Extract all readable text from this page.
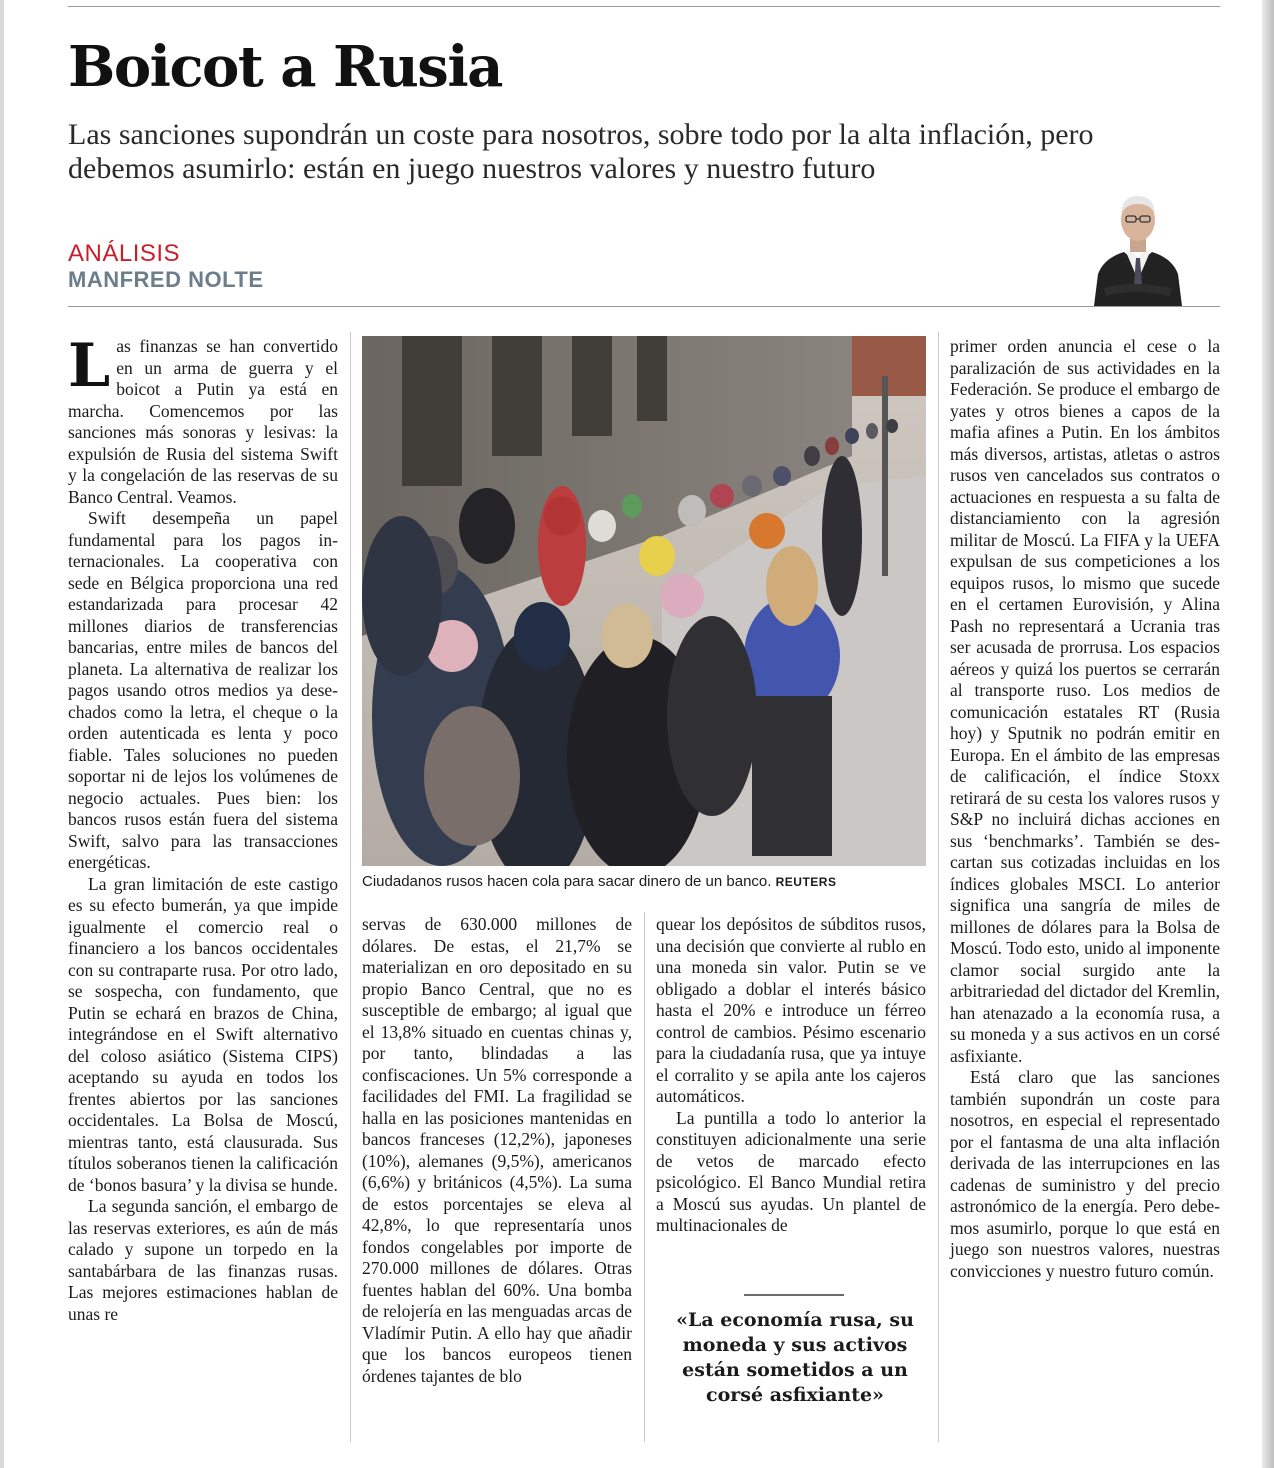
Boicot a Rusia

Las sanciones supondrán un coste para nosotros, sobre todo por la alta inflación, pero debemos asumirlo: están en juego nuestros valores y nuestro futuro

ANÁLISIS
MANFRED NOLTE

Las finanzas se han convertido en un arma de guerra y el boicot a Putin ya está en marcha. Comencemos por las sanciones más sonoras y lesivas: la expulsión de Rusia del sistema Swift y la congelación de las reservas de su Banco Central. Veamos.

Swift desempeña un papel fundamental para los pagos internacionales. La cooperativa con sede en Bélgica proporciona una red estandarizada para procesar 42 millones diarios de transferencias bancarias, entre miles de bancos del planeta. La alternativa de realizar los pagos usando otros medios ya desechados como la letra, el cheque o la orden autenticada es lenta y poco fiable. Tales soluciones no pueden soportar ni de lejos los volúmenes de negocio actuales. Pues bien: los bancos rusos están fuera del sistema Swift, salvo para las transacciones energéticas.

La gran limitación de este castigo es su efecto bumerán, ya que impide igualmente el comercio real o financiero a los bancos occidentales con su contraparte rusa. Por otro lado, se sospecha, con fundamento, que Putin se echará en brazos de China, integrándose en el Swift alternativo del coloso asiático (Sistema CIPS) aceptando su ayuda en todos los frentes abiertos por las sanciones occidentales. La Bolsa de Moscú, mientras tanto, está clausurada. Sus títulos soberanos tienen la calificación de ‘bonos basura’ y la divisa se hunde.

La segunda sanción, el embargo de las reservas exteriores, es aún de más calado y supone un torpedo en la santabárbara de las finanzas rusas. Las mejores estimaciones hablan de unas re

Ciudadanos rusos hacen cola para sacar dinero de un banco. REUTERS

servas de 630.000 millones de dólares. De estas, el 21,7% se materializan en oro depositado en su propio Banco Central, que no es susceptible de embargo; al igual que el 13,8% situado en cuentas chinas y, por tanto, blindadas a las confiscaciones. Un 5% corresponde a facilidades del FMI. La fragilidad se halla en las posiciones mantenidas en bancos franceses (12,2%), japoneses (10%), alemanes (9,5%), americanos (6,6%) y británicos (4,5%). La suma de estos porcentajes se eleva al 42,8%, lo que representaría unos fondos congelables por importe de 270.000 millones de dólares. Otras fuentes hablan del 60%. Una bomba de relojería en las menguadas arcas de Vladímir Putin. A ello hay que añadir que los bancos europeos tienen órdenes tajantes de blo

quear los depósitos de súbditos rusos, una decisión que convierte al rublo en una moneda sin valor. Putin se ve obligado a doblar el interés básico hasta el 20% e introduce un férreo control de cambios. Pésimo escenario para la ciudadanía rusa, que ya intuye el corralito y se apila ante los cajeros automáticos.

La puntilla a todo lo anterior la constituyen adicionalmente una serie de vetos de marcado efecto psicológico. El Banco Mundial retira a Moscú sus ayudas. Un plantel de multinacionales de

«La economía rusa, su moneda y sus activos están sometidos a un corsé asfixiante»

primer orden anuncia el cese o la paralización de sus actividades en la Federación. Se produce el embargo de yates y otros bienes a capos de la mafia afines a Putin. En los ámbitos más diversos, artistas, atletas o astros rusos ven cancelados sus contratos o actuaciones en respuesta a su falta de distanciamiento con la agresión militar de Moscú. La FIFA y la UEFA expulsan de sus competiciones a los equipos rusos, lo mismo que sucede en el certamen Eurovisión, y Alina Pash no representará a Ucrania tras ser acusada de prorrusa. Los espacios aéreos y quizá los puertos se cerrarán al transporte ruso. Los medios de comunicación estatales RT (Rusia hoy) y Sputnik no podrán emitir en Europa. En el ámbito de las empresas de calificación, el índice Stoxx retirará de su cesta los valores rusos y S&P no incluirá dichas acciones en sus ‘benchmarks’. También se descartan sus cotizadas incluidas en los índices globales MSCI. Lo anterior significa una sangría de miles de millones de dólares para la Bolsa de Moscú. Todo esto, unido al imponente clamor social surgido ante la arbitrariedad del dictador del Kremlin, han atenazado a la economía rusa, a su moneda y a sus activos en un corsé asfixiante.

Está claro que las sanciones también supondrán un coste para nosotros, en especial el representado por el fantasma de una alta inflación derivada de las interrupciones en las cadenas de suministro y del precio astronómico de la energía. Pero debemos asumirlo, porque lo que está en juego son nuestros valores, nuestras convicciones y nuestro futuro común.
